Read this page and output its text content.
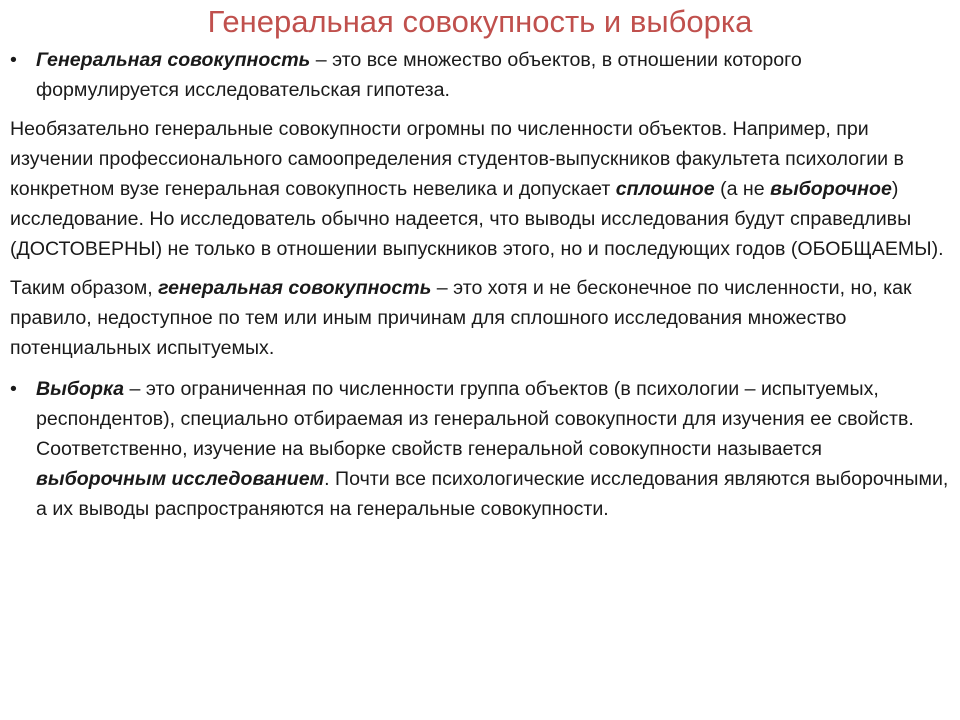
Генеральная совокупность и выборка
• Генеральная совокупность – это все множество объектов, в отношении которого формулируется исследовательская гипотеза.

Необязательно генеральные совокупности огромны по численности объектов. Например, при изучении профессионального самоопределения студентов-выпускников факультета психологии в конкретном вузе генеральная совокупность невелика и допускает сплошное (а не выборочное) исследование. Но исследователь обычно надеется, что выводы исследования будут справедливы (ДОСТОВЕРНЫ) не только в отношении выпускников этого, но и последующих годов (ОБОБЩАЕМЫ).

Таким образом, генеральная совокупность – это хотя и не бесконечное по численности, но, как правило, недоступное по тем или иным причинам для сплошного исследования множество потенциальных испытуемых.

• Выборка – это ограниченная по численности группа объектов (в психологии – испытуемых, респондентов), специально отбираемая из генеральной совокупности для изучения ее свойств. Соответственно, изучение на выборке свойств генеральной совокупности называется выборочным исследованием. Почти все психологические исследования являются выборочными, а их выводы распространяются на генеральные совокупности.
